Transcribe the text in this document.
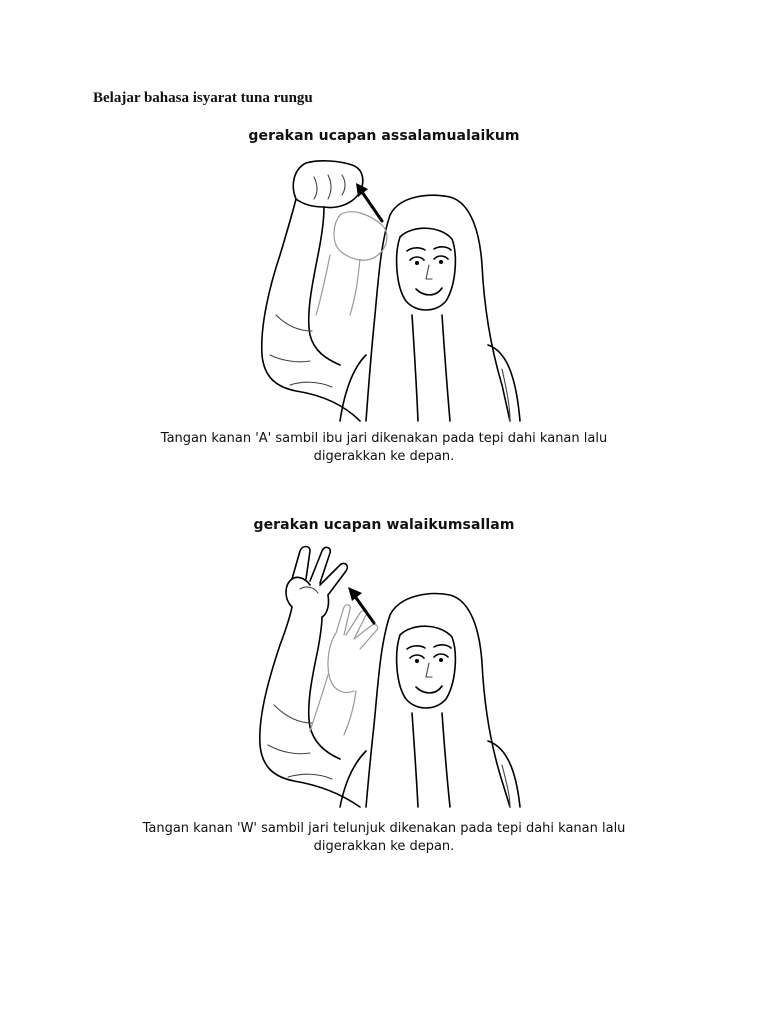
Belajar bahasa isyarat tuna rungu

gerakan ucapan assalamualaikum

Tangan kanan 'A' sambil ibu jari dikenakan pada tepi dahi kanan lalu
digerakkan ke depan.

gerakan ucapan walaikumsallam

Tangan kanan 'W' sambil jari telunjuk dikenakan pada tepi dahi kanan lalu
digerakkan ke depan.
